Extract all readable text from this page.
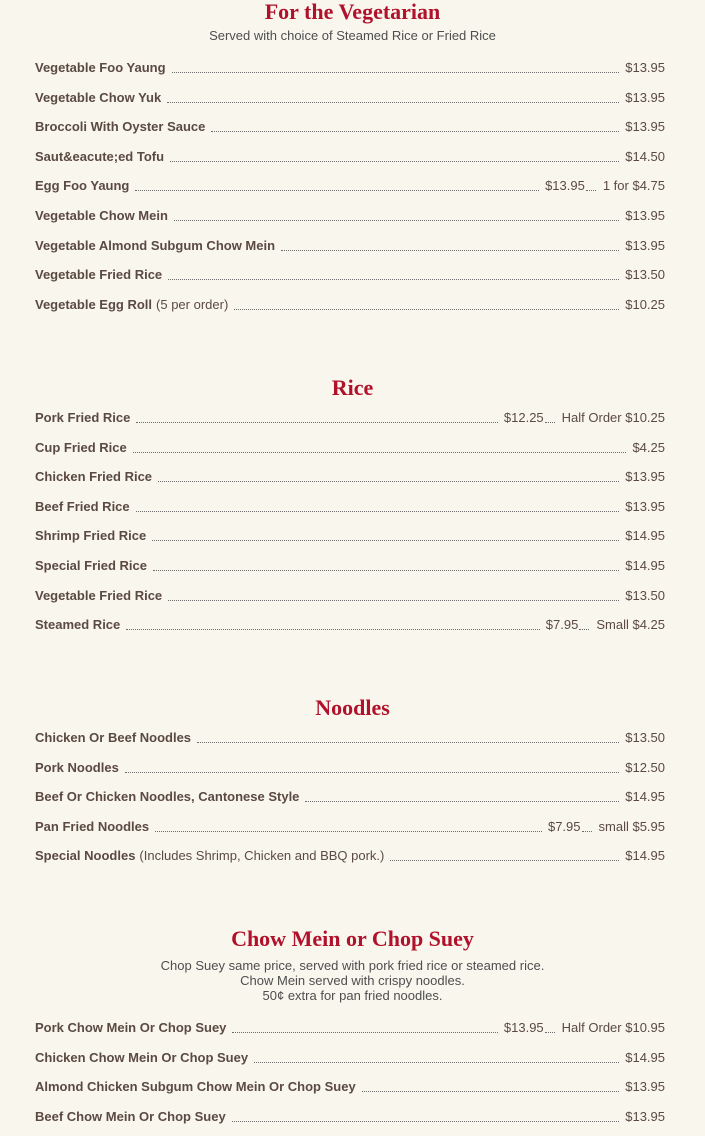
For the Vegetarian
Served with choice of Steamed Rice or Fried Rice
Vegetable Foo Yaung	$13.95
Vegetable Chow Yuk	$13.95
Broccoli With Oyster Sauce	$13.95
Saut&eacute;ed Tofu	$14.50
Egg Foo Yaung	$13.95 1 for $4.75
Vegetable Chow Mein	$13.95
Vegetable Almond Subgum Chow Mein	$13.95
Vegetable Fried Rice	$13.50
Vegetable Egg Roll (5 per order)	$10.25
Rice
Pork Fried Rice	$12.25 Half Order $10.25
Cup Fried Rice	$4.25
Chicken Fried Rice	$13.95
Beef Fried Rice	$13.95
Shrimp Fried Rice	$14.95
Special Fried Rice	$14.95
Vegetable Fried Rice	$13.50
Steamed Rice	$7.95 Small $4.25
Noodles
Chicken Or Beef Noodles	$13.50
Pork Noodles	$12.50
Beef Or Chicken Noodles, Cantonese Style	$14.95
Pan Fried Noodles	$7.95 small $5.95
Special Noodles (Includes Shrimp, Chicken and BBQ pork.)	$14.95
Chow Mein or Chop Suey
Chop Suey same price, served with pork fried rice or steamed rice.
Chow Mein served with crispy noodles.
50¢ extra for pan fried noodles.
Pork Chow Mein Or Chop Suey	$13.95 Half Order $10.95
Chicken Chow Mein Or Chop Suey	$14.95
Almond Chicken Subgum Chow Mein Or Chop Suey	$13.95
Beef Chow Mein Or Chop Suey	$13.95
